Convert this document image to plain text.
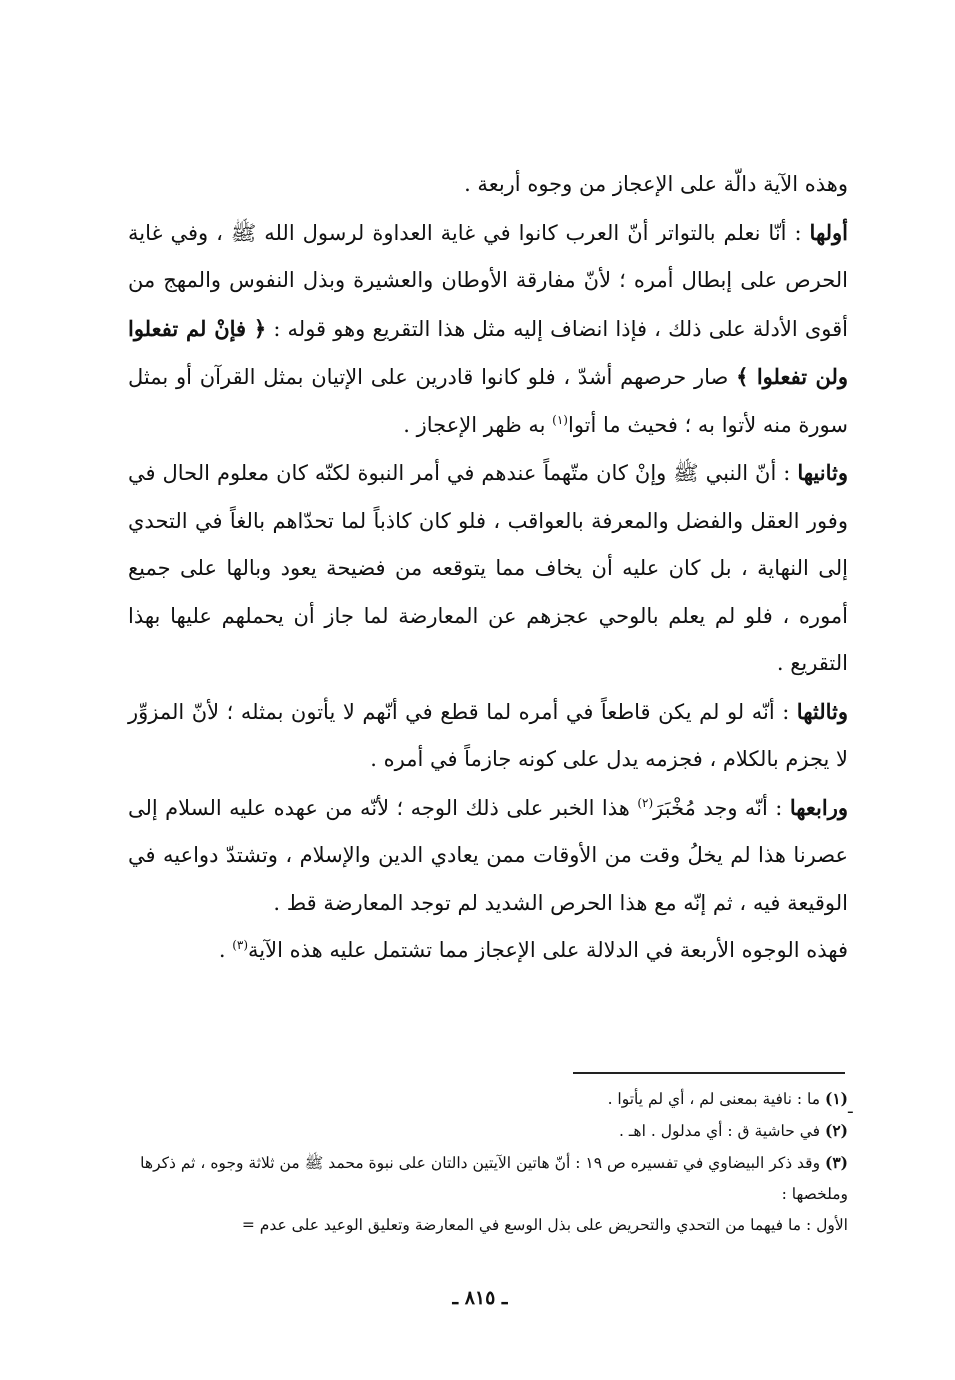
وهذه الآية دالّة على الإعجاز من وجوه أربعة .

أولها : أنّا نعلم بالتواتر أنّ العرب كانوا في غاية العداوة لرسول الله ﷺ ، وفي غاية الحرص على إبطال أمره ؛ لأنّ مفارقة الأوطان والعشيرة وبذل النفوس والمهج من أقوى الأدلة على ذلك ، فإذا انضاف إليه مثل هذا التقريع وهو قوله : ﴿ فإنْ لم تفعلوا ولن تفعلوا ﴾ صار حرصهم أشدّ ، فلو كانوا قادرين على الإتيان بمثل القرآن أو بمثل سورة منه لأتوا به ؛ فحيث ما أتوا$^{(١)}$ به ظهر الإعجاز .

وثانيها : أنّ النبي ﷺ وإنْ كان متّهماً عندهم في أمر النبوة لكنّه كان معلوم الحال في وفور العقل والفضل والمعرفة بالعواقب ، فلو كان كاذباً لما تحدّاهم بالغاً في التحدي إلى النهاية ، بل كان عليه أن يخاف مما يتوقعه من فضيحة يعود وبالها على جميع أموره ، فلو لم يعلم بالوحي عجزهم عن المعارضة لما جاز أن يحملهم عليها بهذا التقريع .

وثالثها : أنّه لو لم يكن قاطعاً في أمره لما قطع في أنّهم لا يأتون بمثله ؛ لأنّ المزوِّر لا يجزم بالكلام ، فجزمه يدل على كونه جازماً في أمره .

ورابعها : أنّه وجد مُخْبَرَ$^{(٢)}$ هذا الخبر على ذلك الوجه ؛ لأنّه من عهده عليه السلام إلى عصرنا هذا لم يخلُ وقت من الأوقات ممن يعادي الدين والإسلام ، وتشتدّ دواعيه في الوقيعة فيه ، ثم إنّه مع هذا الحرص الشديد لم توجد المعارضة قط .

فهذه الوجوه الأربعة في الدلالة على الإعجاز مما تشتمل عليه هذه الآية$^{(٣)}$ .

ـ

(١) ما : نافية بمعنى لم ، أي لم يأتوا .

(٢) في حاشية ق : أي مدلول . اهـ .

(٣) وقد ذكر البيضاوي في تفسيره ص ١٩ : أنّ هاتين الآيتين دالتان على نبوة محمد ﷺ من ثلاثة وجوه ، ثم ذكرها وملخصها :

الأول : ما فيهما من التحدي والتحريض على بذل الوسع في المعارضة وتعليق الوعيد على عدم =

ـ ٨١٥ ـ
